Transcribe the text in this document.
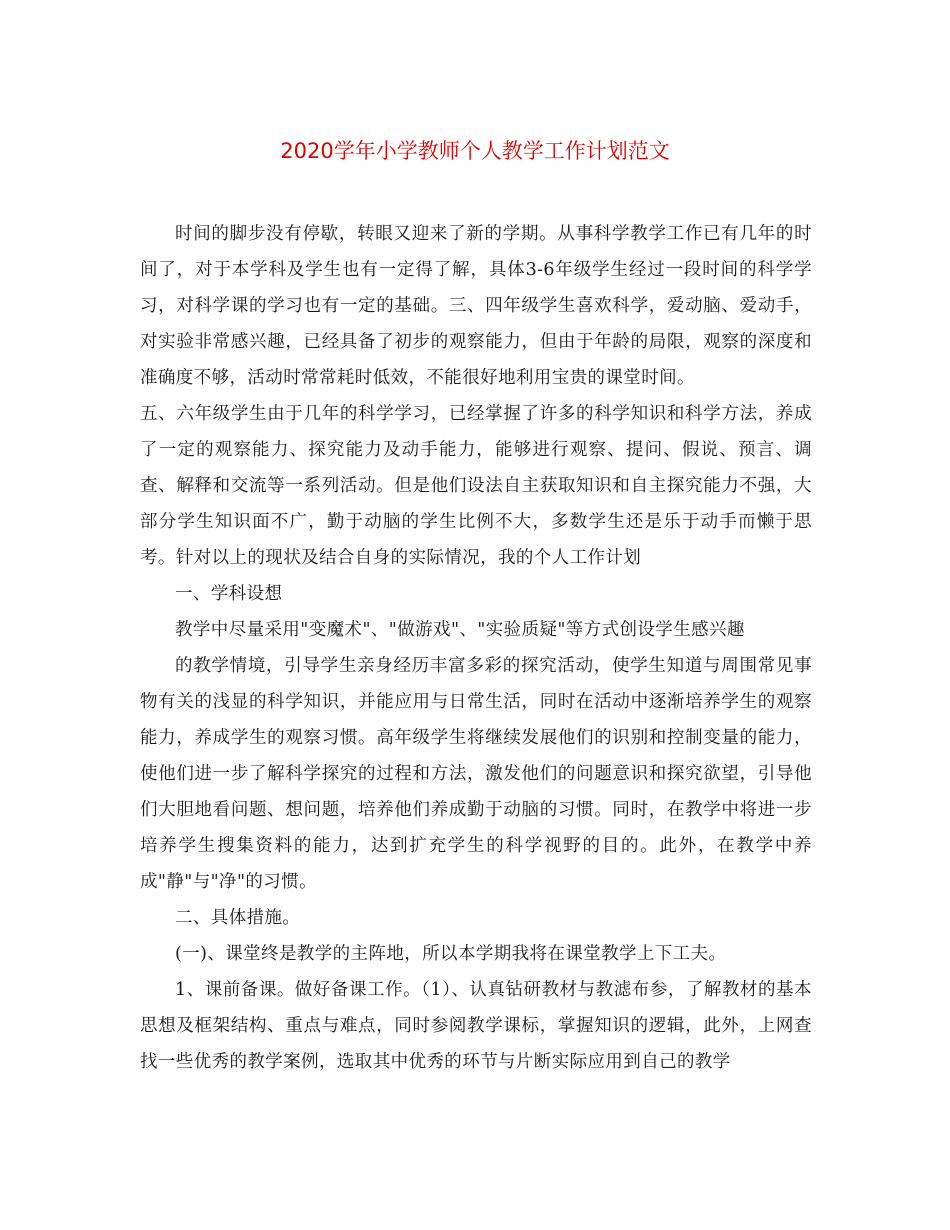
2020学年小学教师个人教学工作计划范文

时间的脚步没有停歇，转眼又迎来了新的学期。从事科学教学工作已有几年的时间了，对于本学科及学生也有一定得了解，具体3-6年级学生经过一段时间的科学学习，对科学课的学习也有一定的基础。三、四年级学生喜欢科学，爱动脑、爱动手，对实验非常感兴趣，已经具备了初步的观察能力，但由于年龄的局限，观察的深度和准确度不够，活动时常常耗时低效，不能很好地利用宝贵的课堂时间。

五、六年级学生由于几年的科学学习，已经掌握了许多的科学知识和科学方法，养成了一定的观察能力、探究能力及动手能力，能够进行观察、提问、假说、预言、调查、解释和交流等一系列活动。但是他们设法自主获取知识和自主探究能力不强，大部分学生知识面不广，勤于动脑的学生比例不大，多数学生还是乐于动手而懒于思考。针对以上的现状及结合自身的实际情况，我的个人工作计划

一、学科设想

教学中尽量采用"变魔术"、"做游戏"、"实验质疑"等方式创设学生感兴趣

的教学情境，引导学生亲身经历丰富多彩的探究活动，使学生知道与周围常见事物有关的浅显的科学知识，并能应用与日常生活，同时在活动中逐渐培养学生的观察能力，养成学生的观察习惯。高年级学生将继续发展他们的识别和控制变量的能力，使他们进一步了解科学探究的过程和方法，激发他们的问题意识和探究欲望，引导他们大胆地看问题、想问题，培养他们养成勤于动脑的习惯。同时，在教学中将进一步培养学生搜集资料的能力，达到扩充学生的科学视野的目的。此外，在教学中养成"静"与"净"的习惯。

二、具体措施。

(一)、课堂终是教学的主阵地，所以本学期我将在课堂教学上下工夫。

1、课前备课。做好备课工作。（1）、认真钻研教材与教滤布参，了解教材的基本思想及框架结构、重点与难点，同时参阅教学课标，掌握知识的逻辑，此外，上网查找一些优秀的教学案例，选取其中优秀的环节与片断实际应用到自己的教学
